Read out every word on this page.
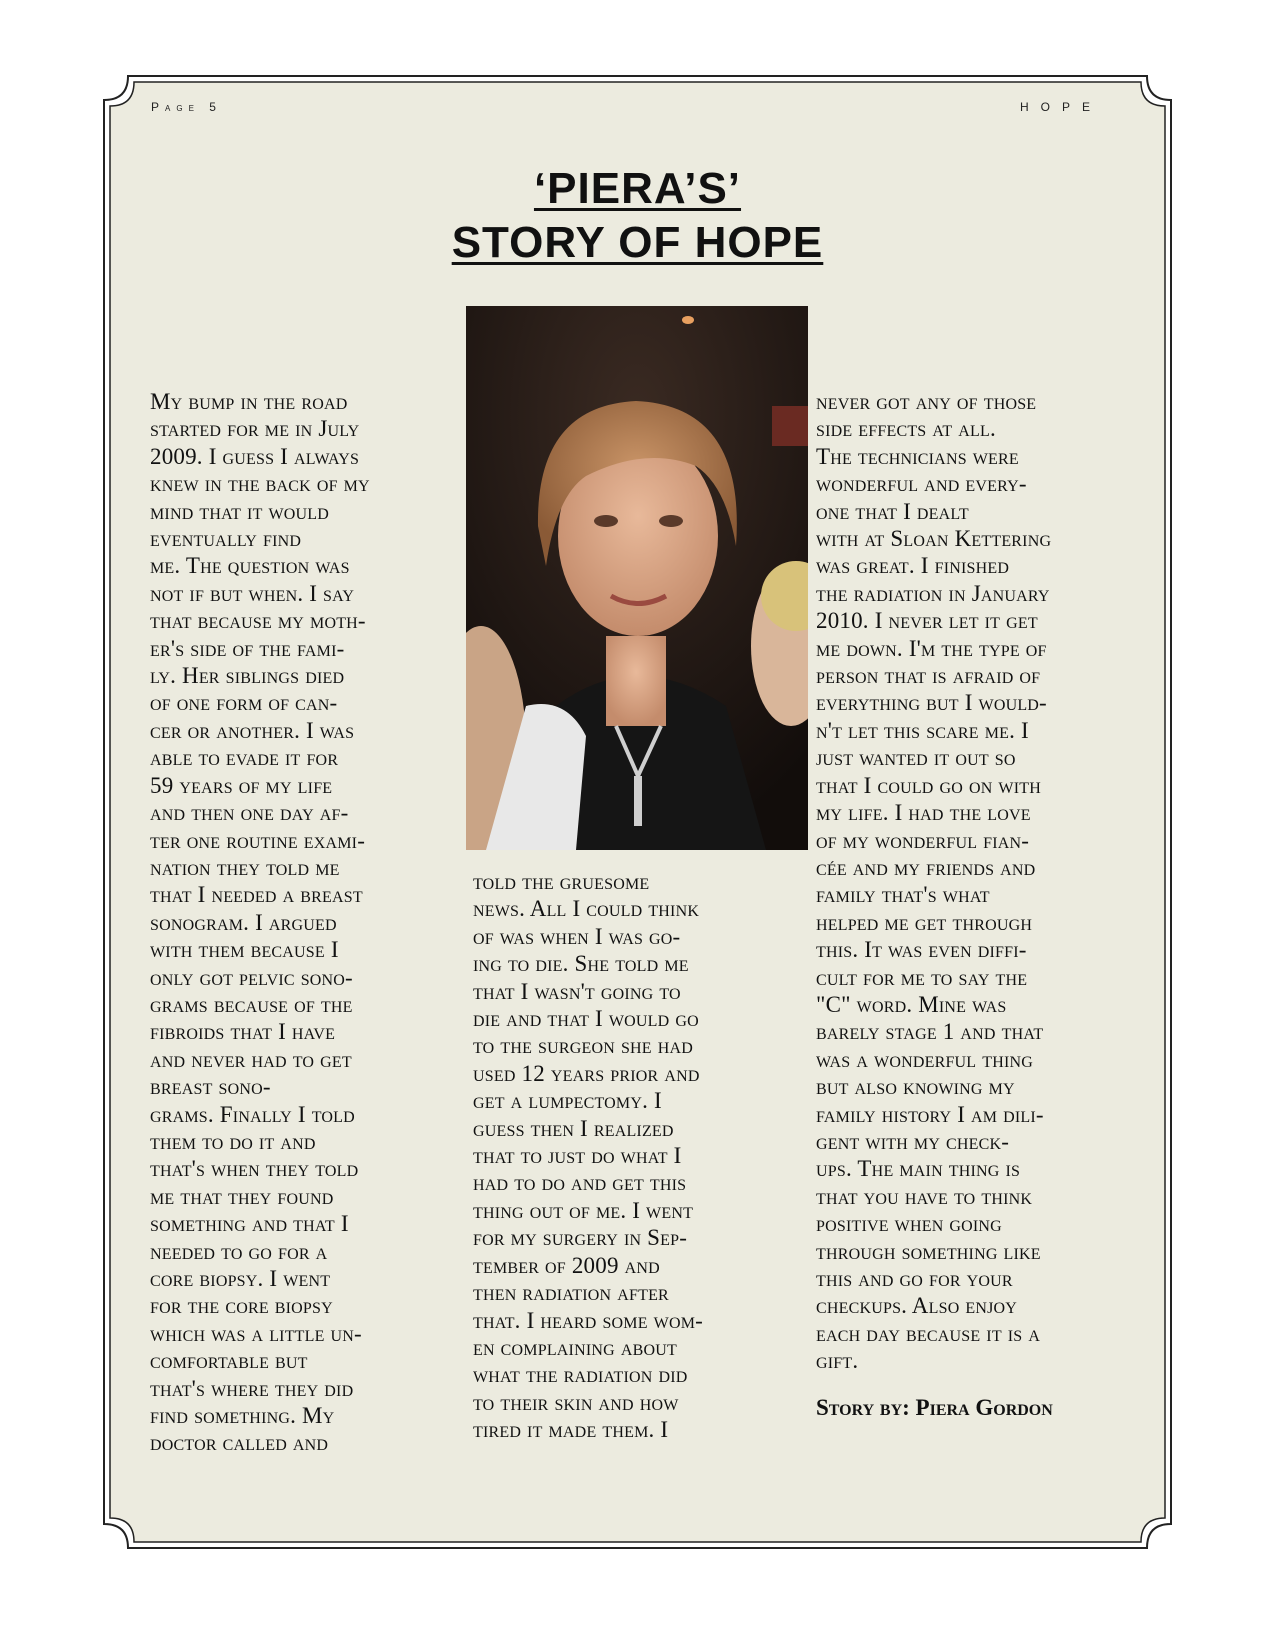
Page 5	HOPE
‘PIERA’S’
STORY OF HOPE

My bump in the road

started for me in July

2009. I guess I always

knew in the back of my

mind that it would

eventually find

me. The question was

not if but when. I say

that because my moth-

er's side of the fami-

ly. Her siblings died

of one form of can-

cer or another. I was

able to evade it for

59 years of my life

and then one day af-

ter one routine exami-

nation they told me

that I needed a breast

sonogram. I argued

with them because I

only got pelvic sono-

grams because of the

fibroids that I have

and never had to get

breast sono-

grams. Finally I told

them to do it and

that's when they told

me that they found

something and that I

needed to go for a

core biopsy. I went

for the core biopsy

which was a little un-

comfortable but

that's where they did

find something. My

doctor called and

told the gruesome

news. All I could think

of was when I was go-

ing to die. She told me

that I wasn't going to

die and that I would go

to the surgeon she had

used 12 years prior and

get a lumpectomy. I

guess then I realized

that to just do what I

had to do and get this

thing out of me. I went

for my surgery in Sep-

tember of 2009 and

then radiation after

that. I heard some wom-

en complaining about

what the radiation did

to their skin and how

tired it made them. I

never got any of those

side effects at all.

The technicians were

wonderful and every-

one that I dealt

with at Sloan Kettering

was great. I finished

the radiation in January

2010. I never let it get

me down. I'm the type of

person that is afraid of

everything but I would-

n't let this scare me. I

just wanted it out so

that I could go on with

my life. I had the love

of my wonderful fian-

cée and my friends and

family that's what

helped me get through

this. It was even diffi-

cult for me to say the

"C" word. Mine was

barely stage 1 and that

was a wonderful thing

but also knowing my

family history I am dili-

gent with my check-

ups. The main thing is

that you have to think

positive when going

through something like

this and go for your

checkups. Also enjoy

each day because it is a

gift.

Story by: Piera Gordon
